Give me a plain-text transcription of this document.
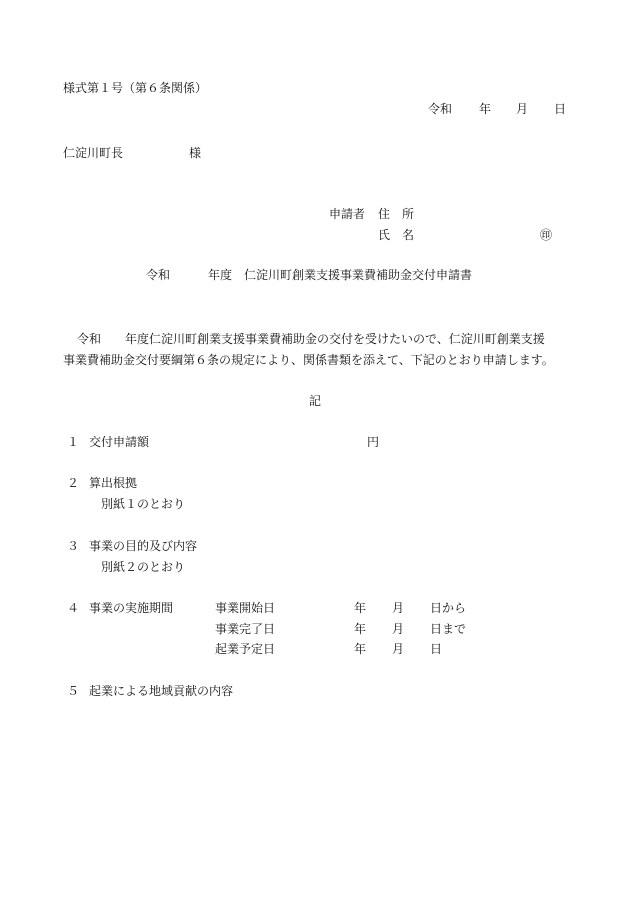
様式第１号（第６条関係）
令和 年 月 日
仁淀川町長	様
申請者 住　所
氏　名	㊞
令和	年度　仁淀川町創業支援事業費補助金交付申請書
令和　　年度仁淀川町創業支援事業費補助金の交付を受けたいので、仁淀川町創業支援
事業費補助金交付要綱第６条の規定により、関係書類を添えて、下記のとおり申請します。
記
１ 交付申請額	円
２ 算出根拠
別紙１のとおり
３ 事業の目的及び内容
別紙２のとおり
４ 事業の実施期間	事業開始日	年 月 日から
事業完了日	年 月 日まで
起業予定日	年 月 日
５ 起業による地域貢献の内容
